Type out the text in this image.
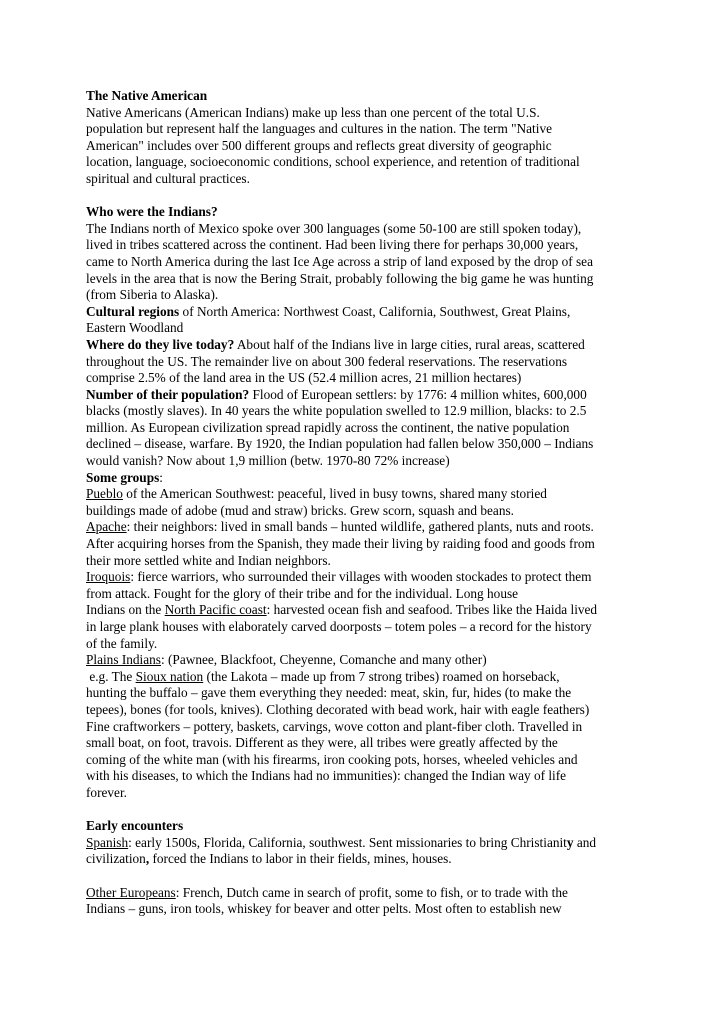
The Native American
Native Americans (American Indians) make up less than one percent of the total U.S.
population but represent half the languages and cultures in the nation. The term "Native
American" includes over 500 different groups and reflects great diversity of geographic
location, language, socioeconomic conditions, school experience, and retention of traditional
spiritual and cultural practices.
Who were the Indians?
The Indians north of Mexico spoke over 300 languages (some 50-100 are still spoken today),
lived in tribes scattered across the continent. Had been living there for perhaps 30,000 years,
came to North America during the last Ice Age across a strip of land exposed by the drop of sea
levels in the area that is now the Bering Strait, probably following the big game he was hunting
(from Siberia to Alaska).
Cultural regions of North America: Northwest Coast, California, Southwest, Great Plains,
Eastern Woodland
Where do they live today? About half of the Indians live in large cities, rural areas, scattered
throughout the US. The remainder live on about 300 federal reservations. The reservations
comprise 2.5% of the land area in the US (52.4 million acres, 21 million hectares)
Number of their population? Flood of European settlers: by 1776: 4 million whites, 600,000
blacks (mostly slaves). In 40 years the white population swelled to 12.9 million, blacks: to 2.5
million. As European civilization spread rapidly across the continent, the native population
declined – disease, warfare. By 1920, the Indian population had fallen below 350,000 – Indians
would vanish? Now about 1,9 million (betw. 1970-80 72% increase)
Some groups:
Pueblo of the American Southwest: peaceful, lived in busy towns, shared many storied
buildings made of adobe (mud and straw) bricks. Grew scorn, squash and beans.
Apache: their neighbors: lived in small bands – hunted wildlife, gathered plants, nuts and roots.
After acquiring horses from the Spanish, they made their living by raiding food and goods from
their more settled white and Indian neighbors.
Iroquois: fierce warriors, who surrounded their villages with wooden stockades to protect them
from attack. Fought for the glory of their tribe and for the individual. Long house
Indians on the North Pacific coast: harvested ocean fish and seafood. Tribes like the Haida lived
in large plank houses with elaborately carved doorposts – totem poles – a record for the history
of the family.
Plains Indians: (Pawnee, Blackfoot, Cheyenne, Comanche and many other)
e.g. The Sioux nation (the Lakota – made up from 7 strong tribes) roamed on horseback,
hunting the buffalo – gave them everything they needed: meat, skin, fur, hides (to make the
tepees), bones (for tools, knives). Clothing decorated with bead work, hair with eagle feathers)
Fine craftworkers – pottery, baskets, carvings, wove cotton and plant-fiber cloth. Travelled in
small boat, on foot, travois. Different as they were, all tribes were greatly affected by the
coming of the white man (with his firearms, iron cooking pots, horses, wheeled vehicles and
with his diseases, to which the Indians had no immunities): changed the Indian way of life
forever.
Early encounters
Spanish: early 1500s, Florida, California, southwest. Sent missionaries to bring Christianity and
civilization, forced the Indians to labor in their fields, mines, houses.
Other Europeans: French, Dutch came in search of profit, some to fish, or to trade with the
Indians – guns, iron tools, whiskey for beaver and otter pelts. Most often to establish new
